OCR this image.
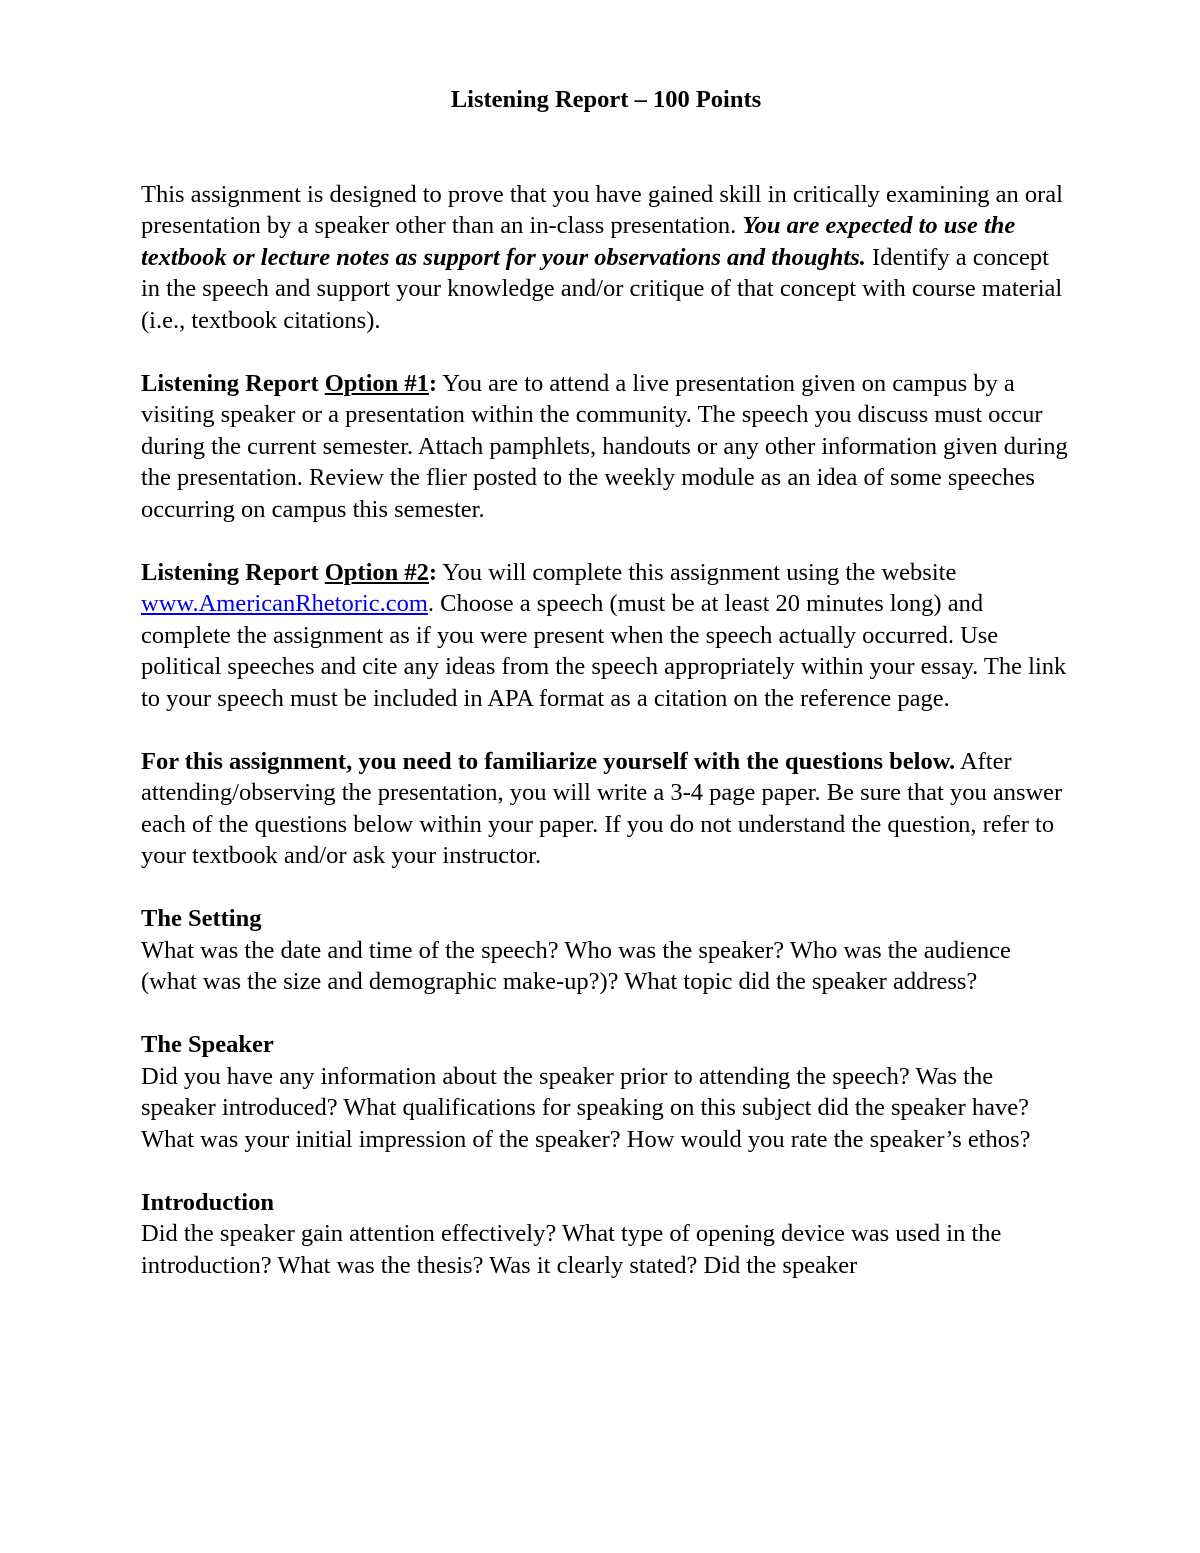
Listening Report – 100 Points

This assignment is designed to prove that you have gained skill in critically examining an oral presentation by a speaker other than an in-class presentation. You are expected to use the textbook or lecture notes as support for your observations and thoughts. Identify a concept in the speech and support your knowledge and/or critique of that concept with course material (i.e., textbook citations).

Listening Report Option #1: You are to attend a live presentation given on campus by a visiting speaker or a presentation within the community. The speech you discuss must occur during the current semester. Attach pamphlets, handouts or any other information given during the presentation. Review the flier posted to the weekly module as an idea of some speeches occurring on campus this semester.

Listening Report Option #2: You will complete this assignment using the website www.AmericanRhetoric.com. Choose a speech (must be at least 20 minutes long) and complete the assignment as if you were present when the speech actually occurred. Use political speeches and cite any ideas from the speech appropriately within your essay. The link to your speech must be included in APA format as a citation on the reference page.

For this assignment, you need to familiarize yourself with the questions below. After attending/observing the presentation, you will write a 3-4 page paper. Be sure that you answer each of the questions below within your paper. If you do not understand the question, refer to your textbook and/or ask your instructor.

The Setting
What was the date and time of the speech? Who was the speaker? Who was the audience (what was the size and demographic make-up?)? What topic did the speaker address?

The Speaker
Did you have any information about the speaker prior to attending the speech? Was the speaker introduced? What qualifications for speaking on this subject did the speaker have? What was your initial impression of the speaker? How would you rate the speaker’s ethos?

Introduction
Did the speaker gain attention effectively? What type of opening device was used in the introduction? What was the thesis? Was it clearly stated? Did the speaker
